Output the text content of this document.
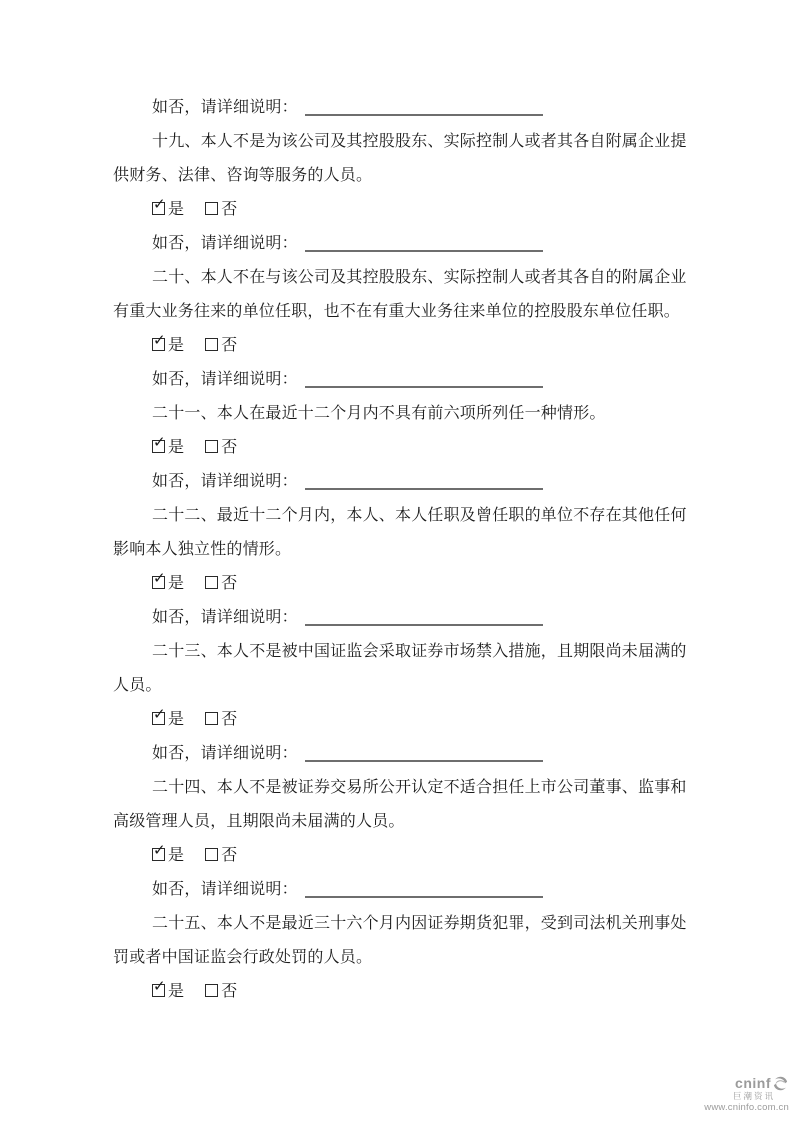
如否，请详细说明：
十九、本人不是为该公司及其控股股东、实际控制人或者其各自附属企业提
供财务、法律、咨询等服务的人员。
✓ 是 否
如否，请详细说明：
二十、本人不在与该公司及其控股股东、实际控制人或者其各自的附属企业
有重大业务往来的单位任职，也不在有重大业务往来单位的控股股东单位任职。
✓ 是 否
如否，请详细说明：
二十一、本人在最近十二个月内不具有前六项所列任一种情形。
✓ 是 否
如否，请详细说明：
二十二、最近十二个月内，本人、本人任职及曾任职的单位不存在其他任何
影响本人独立性的情形。
✓ 是 否
如否，请详细说明：
二十三、本人不是被中国证监会采取证券市场禁入措施，且期限尚未届满的
人员。
✓ 是 否
如否，请详细说明：
二十四、本人不是被证券交易所公开认定不适合担任上市公司董事、监事和
高级管理人员，且期限尚未届满的人员。
✓ 是 否
如否，请详细说明：
二十五、本人不是最近三十六个月内因证券期货犯罪，受到司法机关刑事处
罚或者中国证监会行政处罚的人员。
✓ 是 否
cninf
巨潮资讯
www.cninfo.com.cn
